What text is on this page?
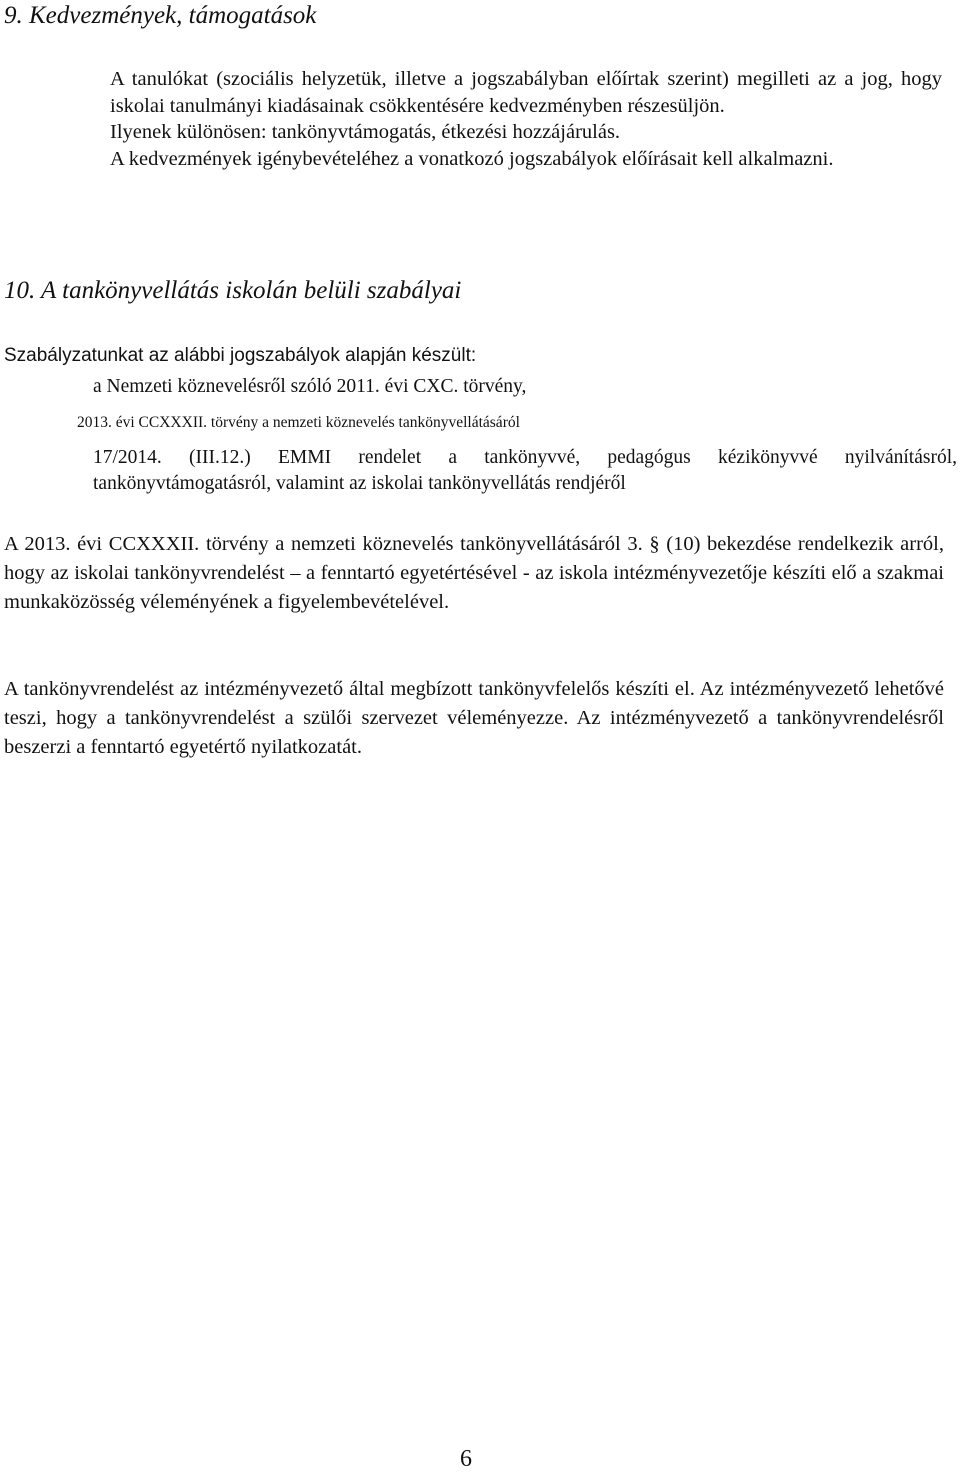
9. Kedvezmények, támogatások

A tanulókat (szociális helyzetük, illetve a jogszabályban előírtak szerint) megilleti az a jog, hogy iskolai tanulmányi kiadásainak csökkentésére kedvezményben részesüljön.

Ilyenek különösen: tankönyvtámogatás, étkezési hozzájárulás.

A kedvezmények igénybevételéhez a vonatkozó jogszabályok előírásait kell alkalmazni.

10. A tankönyvellátás iskolán belüli szabályai

Szabályzatunkat az alábbi jogszabályok alapján készült:

a Nemzeti köznevelésről szóló 2011. évi CXC. törvény,
2013. évi CCXXXII. törvény a nemzeti köznevelés tankönyvellátásáról
17/2014. (III.12.) EMMI rendelet a tankönyvvé, pedagógus kézikönyvvé nyilvánításról, tankönyvtámogatásról, valamint az iskolai tankönyvellátás rendjéről

A 2013. évi CCXXXII. törvény a nemzeti köznevelés tankönyvellátásáról 3. § (10) bekezdése rendelkezik arról, hogy az iskolai tankönyvrendelést – a fenntartó egyetértésével - az iskola intézményvezetője készíti elő a szakmai munkaközösség véleményének a figyelembevételével.

A tankönyvrendelést az intézményvezető által megbízott tankönyvfelelős készíti el. Az intézményvezető lehetővé teszi, hogy a tankönyvrendelést a szülői szervezet véleményezze. Az intézményvezető a tankönyvrendelésről beszerzi a fenntartó egyetértő nyilatkozatát.

6
